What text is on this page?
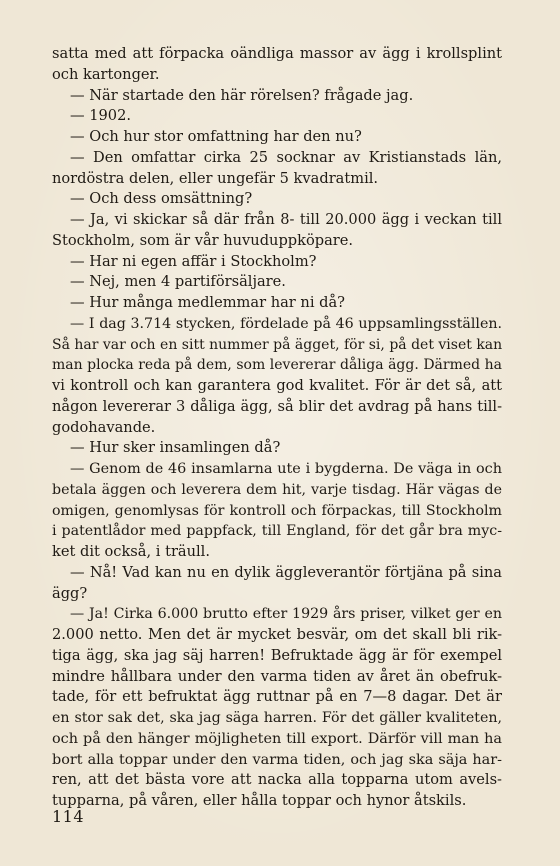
satta med att förpacka oändliga massor av ägg i krollsplint
och kartonger.
— När startade den här rörelsen? frågade jag.
— 1902.
— Och hur stor omfattning har den nu?
— Den omfattar cirka 25 socknar av Kristianstads län,
nordöstra delen, eller ungefär 5 kvadratmil.
— Och dess omsättning?
— Ja, vi skickar så där från 8- till 20.000 ägg i veckan till
Stockholm, som är vår huvuduppköpare.
— Har ni egen affär i Stockholm?
— Nej, men 4 partiförsäljare.
— Hur många medlemmar har ni då?
— I dag 3.714 stycken, fördelade på 46 uppsamlingsställen.
Så har var och en sitt nummer på ägget, för si, på det viset kan
man plocka reda på dem, som levererar dåliga ägg. Därmed ha
vi kontroll och kan garantera god kvalitet. För är det så, att
någon levererar 3 dåliga ägg, så blir det avdrag på hans till-
godohavande.
— Hur sker insamlingen då?
— Genom de 46 insamlarna ute i bygderna. De väga in och
betala äggen och leverera dem hit, varje tisdag. Här vägas de
omigen, genomlysas för kontroll och förpackas, till Stockholm
i patentlådor med pappfack, till England, för det går bra myc-
ket dit också, i träull.
— Nå! Vad kan nu en dylik äggleverantör förtjäna på sina
ägg?
— Ja! Cirka 6.000 brutto efter 1929 års priser, vilket ger en
2.000 netto. Men det är mycket besvär, om det skall bli rik-
tiga ägg, ska jag säj harren! Befruktade ägg är för exempel
mindre hållbara under den varma tiden av året än obefruk-
tade, för ett befruktat ägg ruttnar på en 7—8 dagar. Det är
en stor sak det, ska jag säga harren. För det gäller kvaliteten,
och på den hänger möjligheten till export. Därför vill man ha
bort alla toppar under den varma tiden, och jag ska säja har-
ren, att det bästa vore att nacka alla topparna utom avels-
tupparna, på våren, eller hålla toppar och hynor åtskils.
114
